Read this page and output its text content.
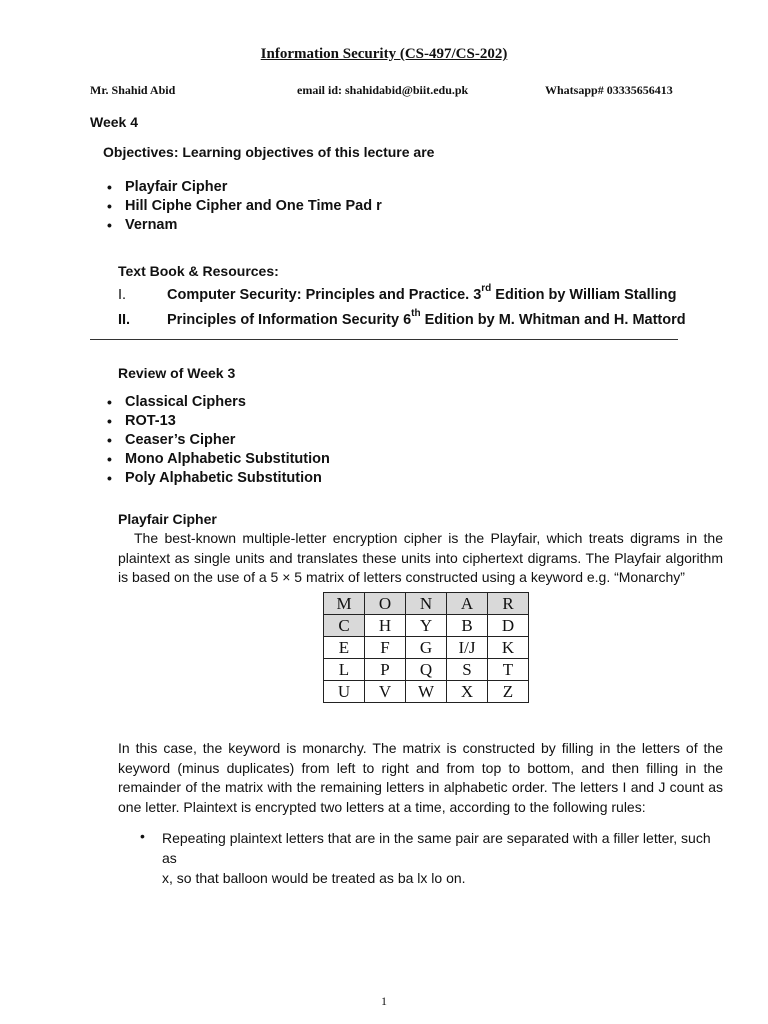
Information Security (CS-497/CS-202)
Mr. Shahid Abid	email id: shahidabid@biit.edu.pk	Whatsapp# 03335656413
Week 4
Objectives: Learning objectives of this lecture are
• Playfair Cipher
• Hill Ciphe Cipher and One Time Pad r
• Vernam
Text Book & Resources:
I.	Computer Security: Principles and Practice. 3rd Edition by William Stalling
II.	Principles of Information Security 6th Edition by M. Whitman and H. Mattord
Review of Week 3
• Classical Ciphers
• ROT-13
• Ceaser’s Cipher
• Mono Alphabetic Substitution
• Poly Alphabetic Substitution
Playfair Cipher
The best-known multiple-letter encryption cipher is the Playfair, which treats digrams in the plaintext as single units and translates these units into ciphertext digrams. The Playfair algorithm is based on the use of a 5 × 5 matrix of letters constructed using a keyword e.g. “Monarchy”
M	O	N	A	R
C	H	Y	B	D
E	F	G	I/J	K
L	P	Q	S	T
U	V	W	X	Z
In this case, the keyword is monarchy. The matrix is constructed by filling in the letters of the keyword (minus duplicates) from left to right and from top to bottom, and then filling in the remainder of the matrix with the remaining letters in alphabetic order. The letters I and J count as one letter. Plaintext is encrypted two letters at a time, according to the following rules:
• Repeating plaintext letters that are in the same pair are separated with a filler letter, such as
x, so that balloon would be treated as ba lx lo on.
1
